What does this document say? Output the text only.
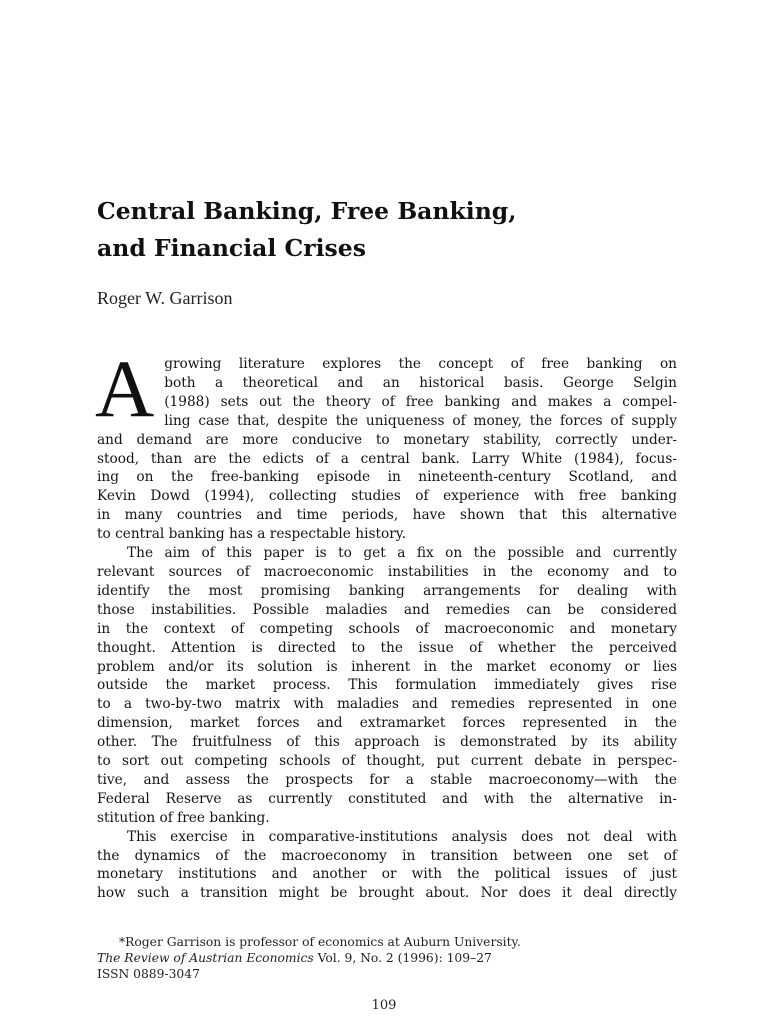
Central Banking, Free Banking,
and Financial Crises
Roger W. Garrison
A growing literature explores the concept of free banking on
both a theoretical and an historical basis. George Selgin
(1988) sets out the theory of free banking and makes a compel-
ling case that, despite the uniqueness of money, the forces of supply
and demand are more conducive to monetary stability, correctly under-
stood, than are the edicts of a central bank. Larry White (1984), focus-
ing on the free-banking episode in nineteenth-century Scotland, and
Kevin Dowd (1994), collecting studies of experience with free banking
in many countries and time periods, have shown that this alternative
to central banking has a respectable history.
The aim of this paper is to get a fix on the possible and currently
relevant sources of macroeconomic instabilities in the economy and to
identify the most promising banking arrangements for dealing with
those instabilities. Possible maladies and remedies can be considered
in the context of competing schools of macroeconomic and monetary
thought. Attention is directed to the issue of whether the perceived
problem and/or its solution is inherent in the market economy or lies
outside the market process. This formulation immediately gives rise
to a two-by-two matrix with maladies and remedies represented in one
dimension, market forces and extramarket forces represented in the
other. The fruitfulness of this approach is demonstrated by its ability
to sort out competing schools of thought, put current debate in perspec-
tive, and assess the prospects for a stable macroeconomy—with the
Federal Reserve as currently constituted and with the alternative in-
stitution of free banking.
This exercise in comparative-institutions analysis does not deal with
the dynamics of the macroeconomy in transition between one set of
monetary institutions and another or with the political issues of just
how such a transition might be brought about. Nor does it deal directly
*Roger Garrison is professor of economics at Auburn University.
The Review of Austrian Economics Vol. 9, No. 2 (1996): 109–27
ISSN 0889-3047
109
